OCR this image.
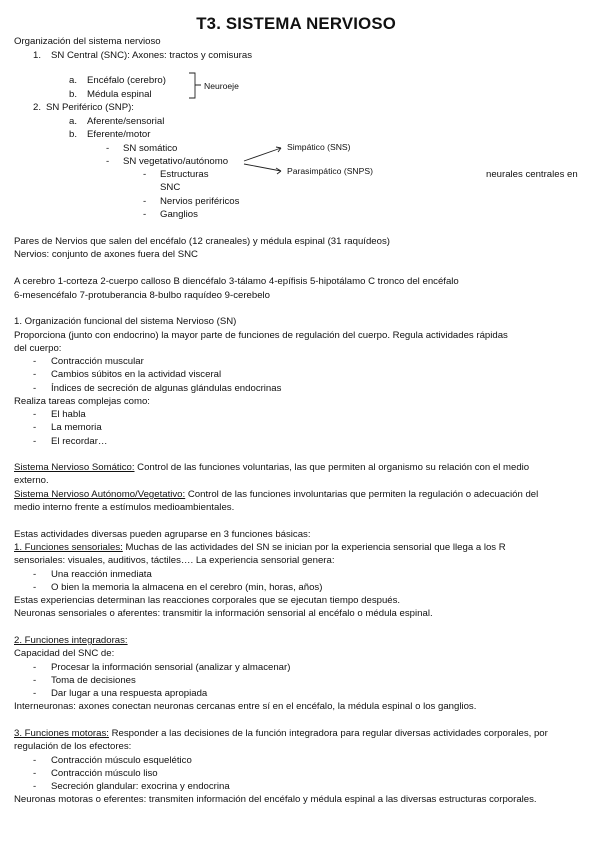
T3. SISTEMA NERVIOSO
Organización del sistema nervioso
1. SN Central (SNC): Axones: tractos y comisuras
a. Encéfalo (cerebro)
b. Médula espinal
Neuroeje
2. SN Periférico (SNP):
a. Aferente/sensorial
b. Eferente/motor
- SN somático
- SN vegetativo/autónomo
Simpático (SNS)
Parasimpático (SNPS)
- Estructuras	neurales centrales en
SNC
- Nervios periféricos
- Ganglios
Pares de Nervios que salen del encéfalo (12 craneales) y médula espinal (31 raquídeos)
Nervios: conjunto de axones fuera del SNC
A cerebro 1-corteza 2-cuerpo calloso B diencéfalo 3-tálamo 4-epífisis 5-hipotálamo C tronco del encéfalo
6-mesencéfalo 7-protuberancia 8-bulbo raquídeo 9-cerebelo
1. Organización funcional del sistema Nervioso (SN)
Proporciona (junto con endocrino) la mayor parte de funciones de regulación del cuerpo. Regula actividades rápidas
del cuerpo:
- Contracción muscular
- Cambios súbitos en la actividad visceral
- Índices de secreción de algunas glándulas endocrinas
Realiza tareas complejas como:
- El habla
- La memoria
- El recordar…
Sistema Nervioso Somático: Control de las funciones voluntarias, las que permiten al organismo su relación con el medio
externo.
Sistema Nervioso Autónomo/Vegetativo: Control de las funciones involuntarias que permiten la regulación o adecuación del
medio interno frente a estímulos medioambientales.
Estas actividades diversas pueden agruparse en 3 funciones básicas:
1. Funciones sensoriales: Muchas de las actividades del SN se inician por la experiencia sensorial que llega a los R
sensoriales: visuales, auditivos, táctiles…. La experiencia sensorial genera:
- Una reacción inmediata
- O bien la memoria la almacena en el cerebro (min, horas, años)
Estas experiencias determinan las reacciones corporales que se ejecutan tiempo después.
Neuronas sensoriales o aferentes: transmitir la información sensorial al encéfalo o médula espinal.
2. Funciones integradoras:
Capacidad del SNC de:
- Procesar la información sensorial (analizar y almacenar)
- Toma de decisiones
- Dar lugar a una respuesta apropiada
Interneuronas: axones conectan neuronas cercanas entre sí en el encéfalo, la médula espinal o los ganglios.
3. Funciones motoras: Responder a las decisiones de la función integradora para regular diversas actividades corporales, por
regulación de los efectores:
- Contracción músculo esquelético
- Contracción músculo liso
- Secreción glandular: exocrina y endocrina
Neuronas motoras o eferentes: transmiten información del encéfalo y médula espinal a las diversas estructuras corporales.
